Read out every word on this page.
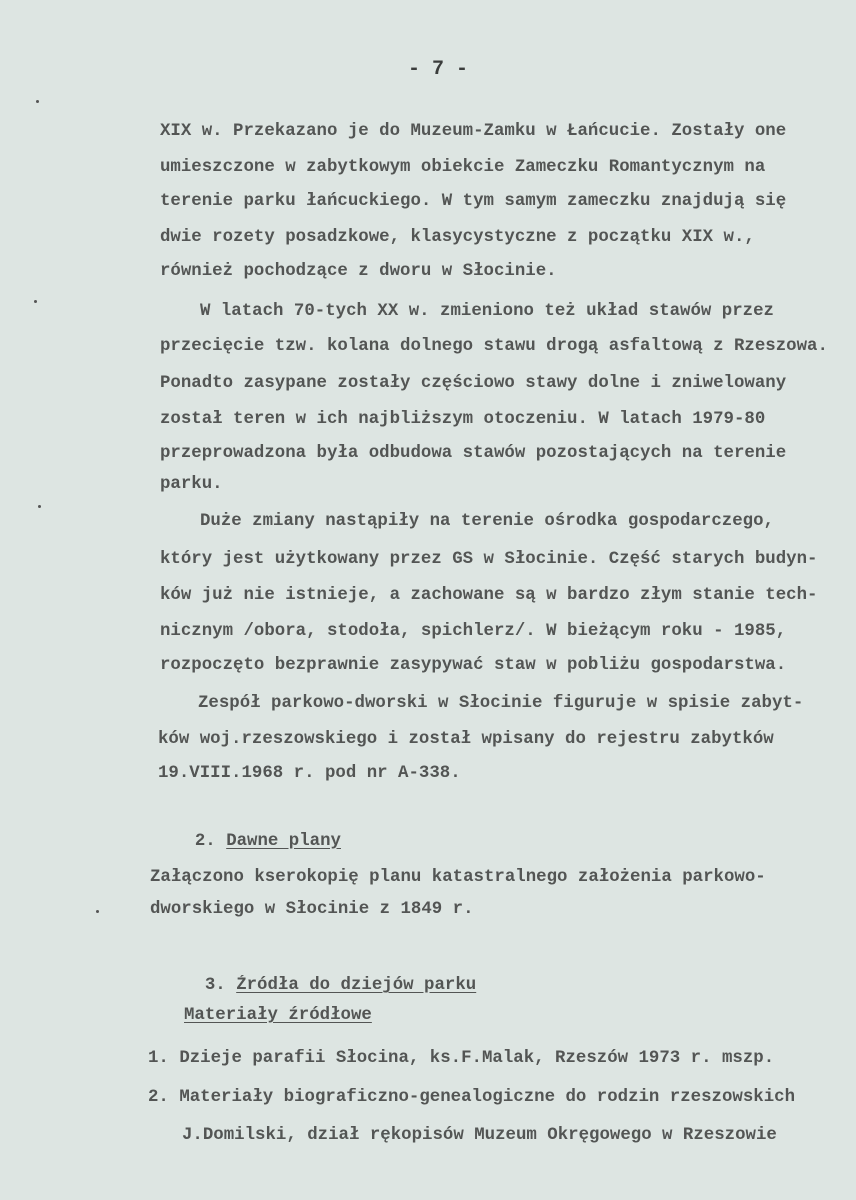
- 7 -
XIX w. Przekazano je do Muzeum-Zamku w Łańcucie. Zostały one
umieszczone w zabytkowym obiekcie Zameczku Romantycznym na
terenie parku łańcuckiego. W tym samym zameczku znajdują się
dwie rozety posadzkowe, klasycystyczne z początku XIX w.,
również pochodzące z dworu w Słocinie.
W latach 70-tych XX w. zmieniono też układ stawów przez
przecięcie tzw. kolana dolnego stawu drogą asfaltową z Rzeszowa.
Ponadto zasypane zostały częściowo stawy dolne i zniwelowany
został teren w ich najbliższym otoczeniu. W latach 1979-80
przeprowadzona była odbudowa stawów pozostających na terenie
parku.
Duże zmiany nastąpiły na terenie ośrodka gospodarczego,
który jest użytkowany przez GS w Słocinie. Część starych budyn-
ków już nie istnieje, a zachowane są w bardzo złym stanie tech-
nicznym /obora, stodoła, spichlerz/. W bieżącym roku - 1985,
rozpoczęto bezprawnie zasypywać staw w pobliżu gospodarstwa.
Zespół parkowo-dworski w Słocinie figuruje w spisie zabyt-
ków woj.rzeszowskiego i został wpisany do rejestru zabytków
19.VIII.1968 r. pod nr A-338.

2. Dawne plany

Załączono kserokopię planu katastralnego założenia parkowo-
dworskiego w Słocinie z 1849 r.

3. Źródła do dziejów parku

Materiały źródłowe
1. Dzieje parafii Słocina, ks.F.Malak, Rzeszów 1973 r. mszp.
2. Materiały biograficzno-genealogiczne do rodzin rzeszowskich
J.Domilski, dział rękopisów Muzeum Okręgowego w Rzeszowie
